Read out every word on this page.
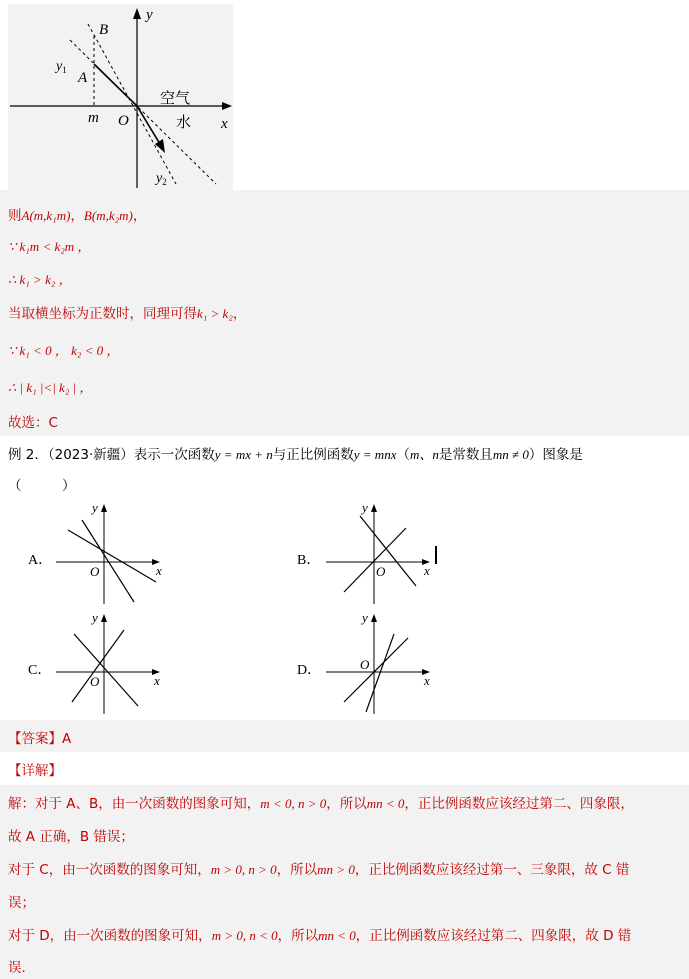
B
A
y
$y_1$
m O
空气
水 x
$y_2$
则A(m,k₁m)，B(m,k₂m)，
∵ k₁m < k₂m ，
∴ k₁ > k₂ ，
当取横坐标为正数时，同理可得k₁ > k₂，
∵ k₁ < 0 ， k₂ < 0 ，
∴ | k₁ |<| k₂ | ，
故选：C
例 2．（2023·新疆）表示一次函数y = mx + n与正比例函数y = mnx（m、n是常数且mn ≠ 0）图象是
（　　　）
A．
y
O	x
B．
y
O	x
C．
y
O	x
D．
y
O
x
【答案】A
【详解】
解：对于 A、B，由一次函数的图象可知，m < 0, n > 0，所以mn < 0，正比例函数应该经过第二、四象限，
故 A 正确，B 错误；
对于 C，由一次函数的图象可知，m > 0, n > 0，所以mn > 0，正比例函数应该经过第一、三象限，故 C 错
误；
对于 D，由一次函数的图象可知，m > 0, n < 0，所以mn < 0，正比例函数应该经过第二、四象限，故 D 错
误．
